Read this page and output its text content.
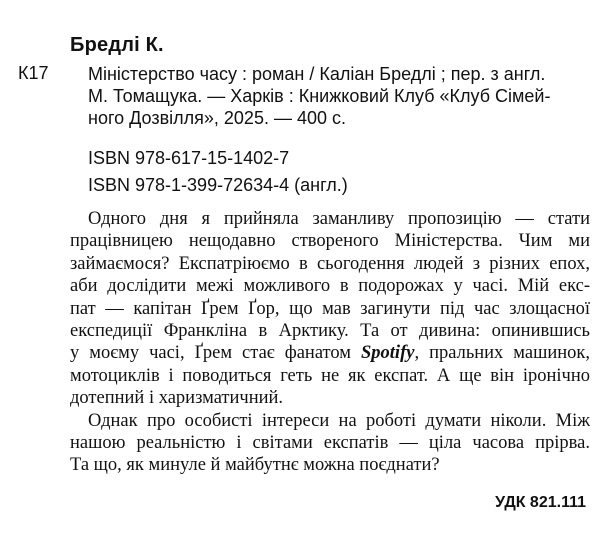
Бредлі К.
К17 Міністерство часу : роман / Каліан Бредлі ; пер. з англ.
М. Томащука. — Харків : Книжковий Клуб «Клуб Сімей-
ного Дозвілля», 2025. — 400 с.
ISBN 978-617-15-1402-7
ISBN 978-1-399-72634-4 (англ.)
Одного дня я прийняла заманливу пропозицію — стати
працівницею нещодавно створеного Міністерства. Чим ми
займаємося? Експатріюємо в сьогодення людей з різних епох,
аби дослідити межі можливого в подорожах у часі. Мій екс-
пат — капітан Ґрем Ґор, що мав загинути під час злощасної
експедиції Франкліна в Арктику. Та от дивина: опинившись
у моєму часі, Ґрем стає фанатом Spotify, пральних машинок,
мотоциклів і поводиться геть не як експат. А ще він іронічно
дотепний і харизматичний.
Однак про особисті інтереси на роботі думати ніколи. Між
нашою реальністю і світами експатів — ціла часова прірва.
Та що, як минуле й майбутнє можна поєднати?
УДК 821.111
